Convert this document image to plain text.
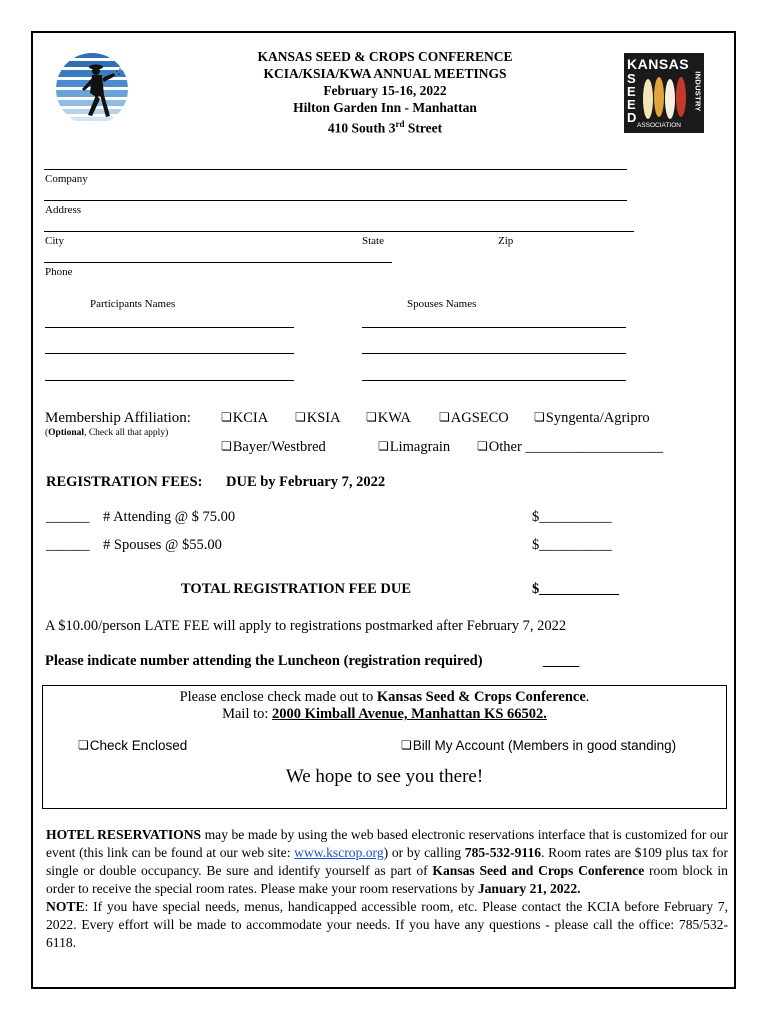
KANSAS SEED & CROPS CONFERENCE
KCIA/KSIA/KWA ANNUAL MEETINGS
February 15-16, 2022
Hilton Garden Inn - Manhattan
410 South 3rd Street
KANSAS
S
E
E
D
INDUSTRY
ASSOCIATION
Company
Address
City	State	Zip
Phone
Participants Names	Spouses Names
Membership Affiliation:
(Optional, Check all that apply)
❏ KCIA	❏ KSIA	❏ KWA	❏ AGSECO	❏ Syngenta/Agripro
❏ Bayer/Westbred	❏ Limagrain	❏ Other ___________________
REGISTRATION FEES: DUE by February 7, 2022
______ # Attending @ $ 75.00	$__________
______ # Spouses @ $55.00	$__________
TOTAL REGISTRATION FEE DUE	$___________
A $10.00/person LATE FEE will apply to registrations postmarked after February 7, 2022
Please indicate number attending the Luncheon (registration required)	_____
Please enclose check made out to Kansas Seed & Crops Conference.
Mail to: 2000 Kimball Avenue, Manhattan KS 66502.
❏ Check Enclosed	❏ Bill My Account (Members in good standing)
We hope to see you there!
HOTEL RESERVATIONS may be made by using the web based electronic reservations interface that is customized for our event (this link can be found at our web site: www.kscrop.org) or by calling 785-532-9116. Room rates are $109 plus tax for single or double occupancy. Be sure and identify yourself as part of Kansas Seed and Crops Conference room block in order to receive the special room rates. Please make your room reservations by January 21, 2022.
NOTE: If you have special needs, menus, handicapped accessible room, etc. Please contact the KCIA before February 7, 2022. Every effort will be made to accommodate your needs. If you have any questions - please call the office: 785/532-6118.
